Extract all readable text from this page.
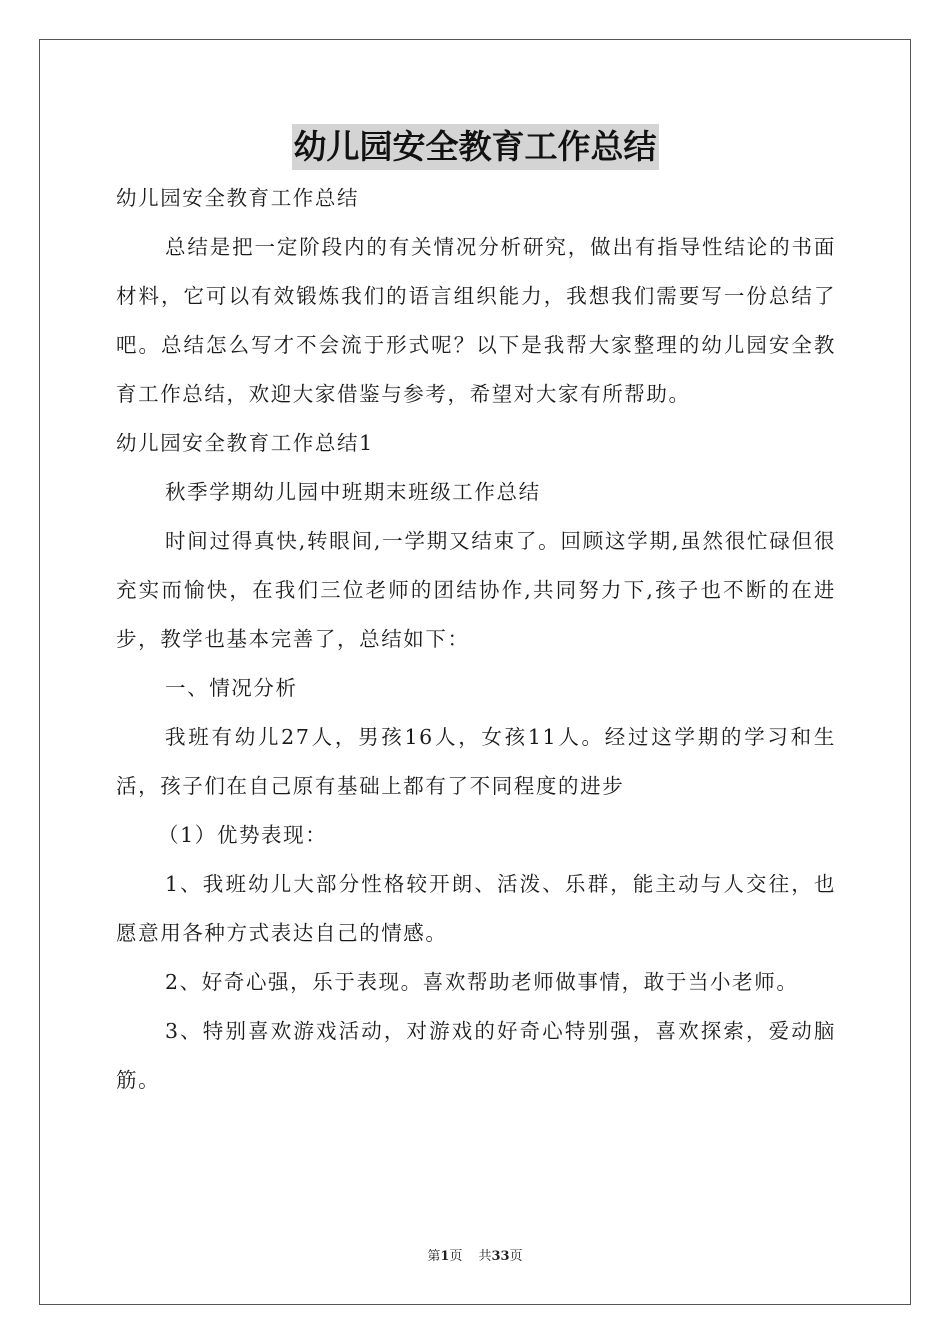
幼儿园安全教育工作总结

幼儿园安全教育工作总结

总结是把一定阶段内的有关情况分析研究，做出有指导性结论的书面材料，它可以有效锻炼我们的语言组织能力，我想我们需要写一份总结了吧。总结怎么写才不会流于形式呢？以下是我帮大家整理的幼儿园安全教育工作总结，欢迎大家借鉴与参考，希望对大家有所帮助。

幼儿园安全教育工作总结1

秋季学期幼儿园中班期末班级工作总结

时间过得真快,转眼间,一学期又结束了。回顾这学期,虽然很忙碌但很充实而愉快，在我们三位老师的团结协作,共同努力下,孩子也不断的在进步，教学也基本完善了，总结如下：

一、情况分析

我班有幼儿27人，男孩16人，女孩11人。经过这学期的学习和生活，孩子们在自己原有基础上都有了不同程度的进步

（1）优势表现：

1、我班幼儿大部分性格较开朗、活泼、乐群，能主动与人交往，也愿意用各种方式表达自己的情感。

2、好奇心强，乐于表现。喜欢帮助老师做事情，敢于当小老师。

3、特别喜欢游戏活动，对游戏的好奇心特别强，喜欢探索，爱动脑筋。

第1页 共33页
